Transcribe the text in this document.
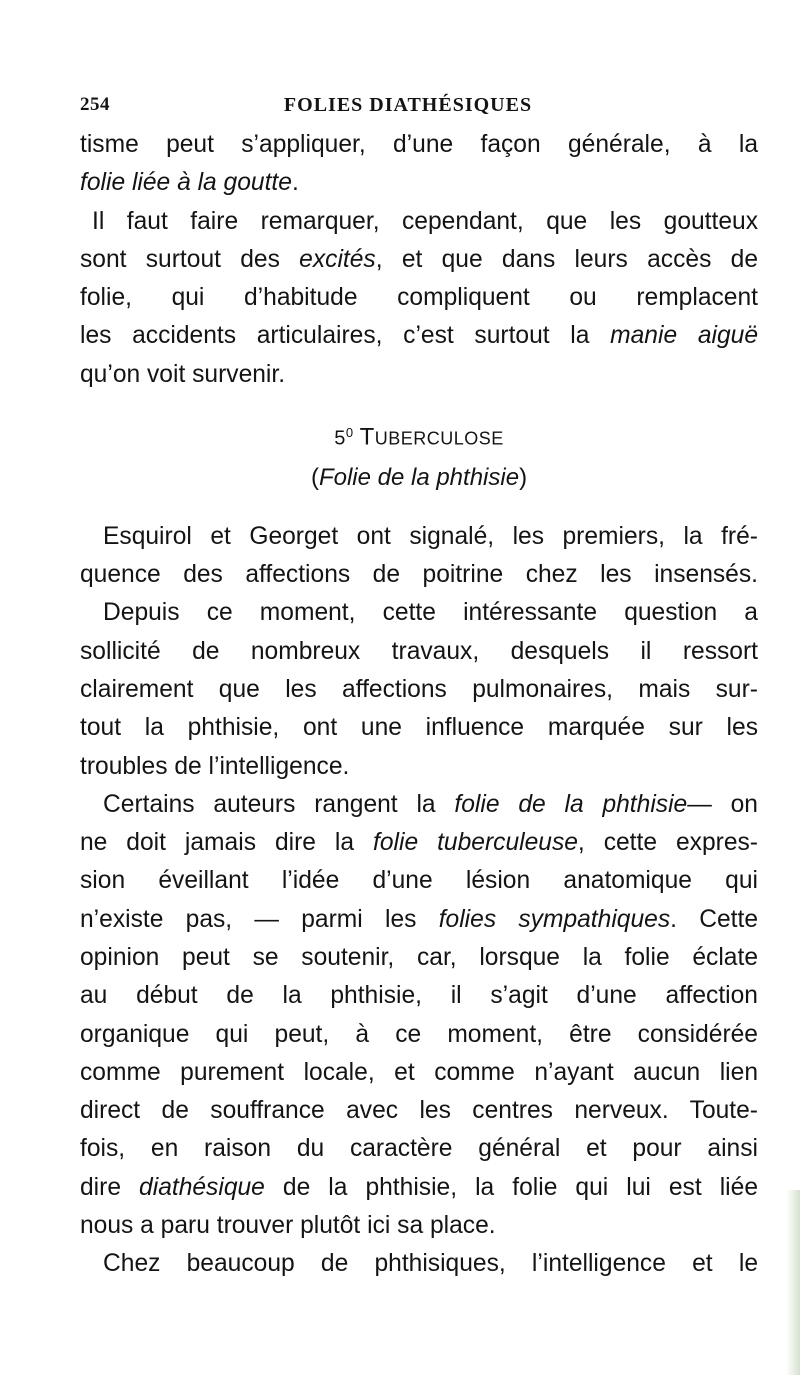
254	FOLIES DIATHÉSIQUES

tisme peut s’appliquer, d’une façon générale, à la
folie liée à la goutte.

Il faut faire remarquer, cependant, que les goutteux
sont surtout des excités, et que dans leurs accès de
folie, qui d’habitude compliquent ou remplacent
les accidents articulaires, c’est surtout la manie aiguë
qu’on voit survenir.

$5^0$ TUBERCULOSE
(Folie de la phthisie)

Esquirol et Georget ont signalé, les premiers, la fré-
quence des affections de poitrine chez les insensés.

Depuis ce moment, cette intéressante question a
sollicité de nombreux travaux, desquels il ressort
clairement que les affections pulmonaires, mais sur-
tout la phthisie, ont une influence marquée sur les
troubles de l’intelligence.

Certains auteurs rangent la folie de la phthisie— on
ne doit jamais dire la folie tuberculeuse, cette expres-
sion éveillant l’idée d’une lésion anatomique qui
n’existe pas, — parmi les folies sympathiques. Cette
opinion peut se soutenir, car, lorsque la folie éclate
au début de la phthisie, il s’agit d’une affection
organique qui peut, à ce moment, être considérée
comme purement locale, et comme n’ayant aucun lien
direct de souffrance avec les centres nerveux. Toute-
fois, en raison du caractère général et pour ainsi
dire diathésique de la phthisie, la folie qui lui est liée
nous a paru trouver plutôt ici sa place.

Chez beaucoup de phthisiques, l’intelligence et le
